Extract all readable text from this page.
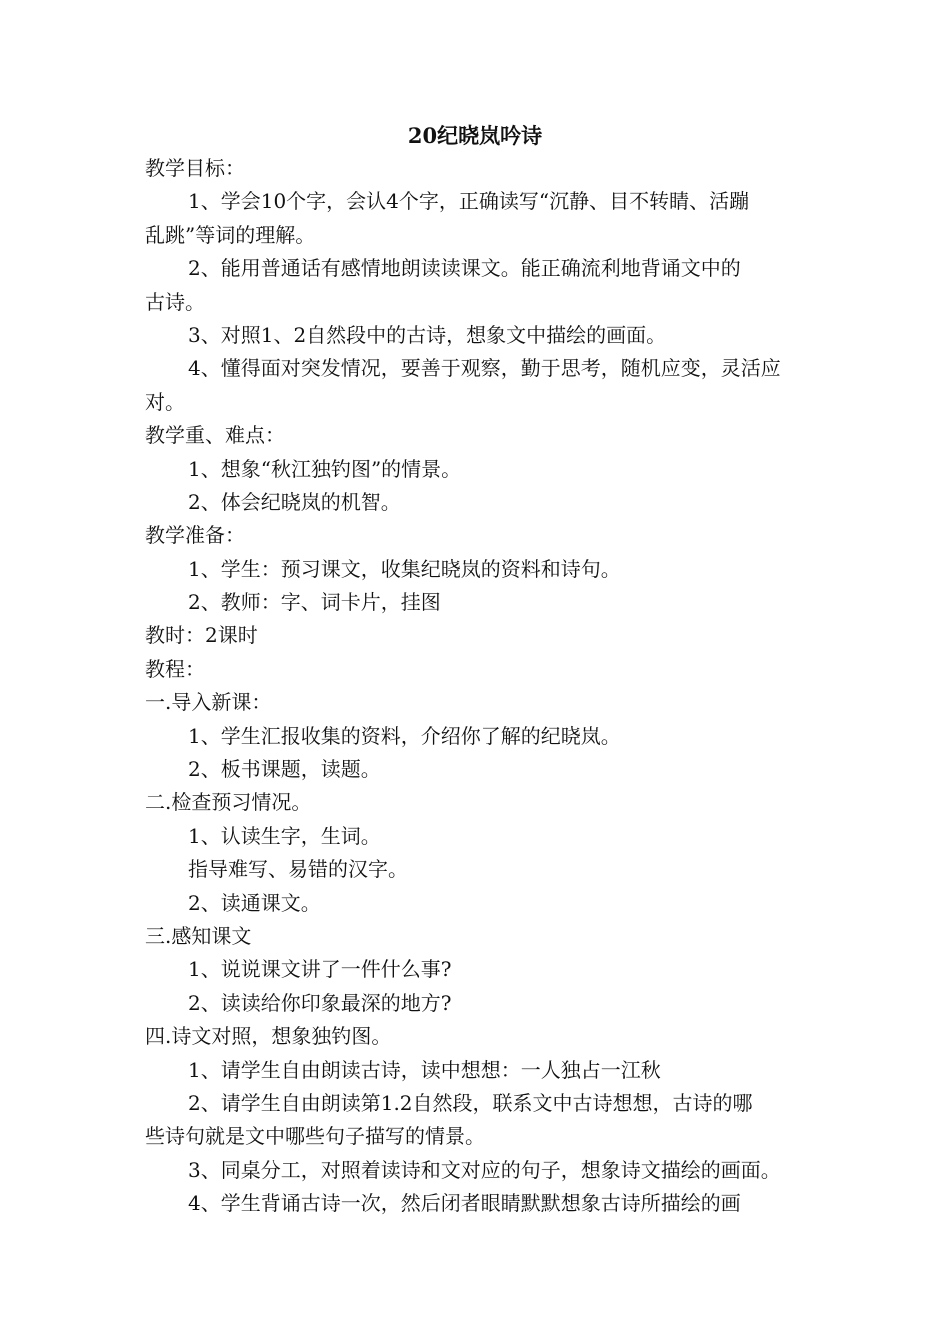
20纪晓岚吟诗
教学目标：
1、学会10个字，会认4个字，正确读写“沉静、目不转睛、活蹦
乱跳”等词的理解。
2、能用普通话有感情地朗读读课文。能正确流利地背诵文中的
古诗。
3、对照1、2自然段中的古诗，想象文中描绘的画面。
4、懂得面对突发情况，要善于观察，勤于思考，随机应变，灵活应
对。
教学重、难点：
1、想象“秋江独钓图”的情景。
2、体会纪晓岚的机智。
教学准备：
1、学生：预习课文，收集纪晓岚的资料和诗句。
2、教师：字、词卡片，挂图
教时：2课时
教程：
一.导入新课：
1、学生汇报收集的资料，介绍你了解的纪晓岚。
2、板书课题，读题。
二.检查预习情况。
1、认读生字，生词。
指导难写、易错的汉字。
2、读通课文。
三.感知课文
1、说说课文讲了一件什么事?
2、读读给你印象最深的地方?
四.诗文对照，想象独钓图。
1、请学生自由朗读古诗，读中想想：一人独占一江秋
2、请学生自由朗读第1.2自然段，联系文中古诗想想，古诗的哪
些诗句就是文中哪些句子描写的情景。
3、同桌分工，对照着读诗和文对应的句子，想象诗文描绘的画面。
4、学生背诵古诗一次，然后闭者眼睛默默想象古诗所描绘的画
